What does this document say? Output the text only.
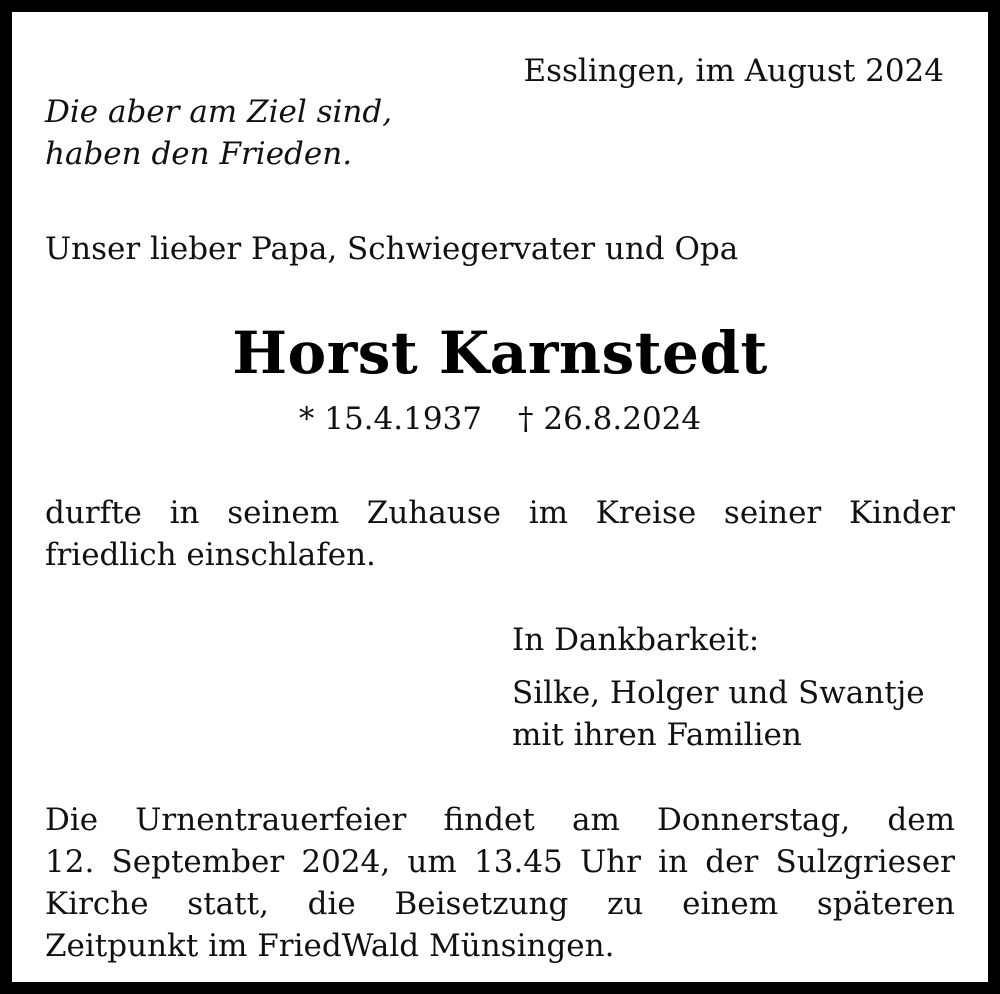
Esslingen, im August 2024

Die aber am Ziel sind,
haben den Frieden.

Unser lieber Papa, Schwiegervater und Opa

Horst Karnstedt
* 15.4.1937 † 26.8.2024
durfte in seinem Zuhause im Kreise seiner Kinder
friedlich einschlafen.

In Dankbarkeit:

Silke, Holger und Swantje
mit ihren Familien

Die Urnentrauerfeier findet am Donnerstag, dem
12. September 2024, um 13.45 Uhr in der Sulzgrieser
Kirche statt, die Beisetzung zu einem späteren
Zeitpunkt im FriedWald Münsingen.
